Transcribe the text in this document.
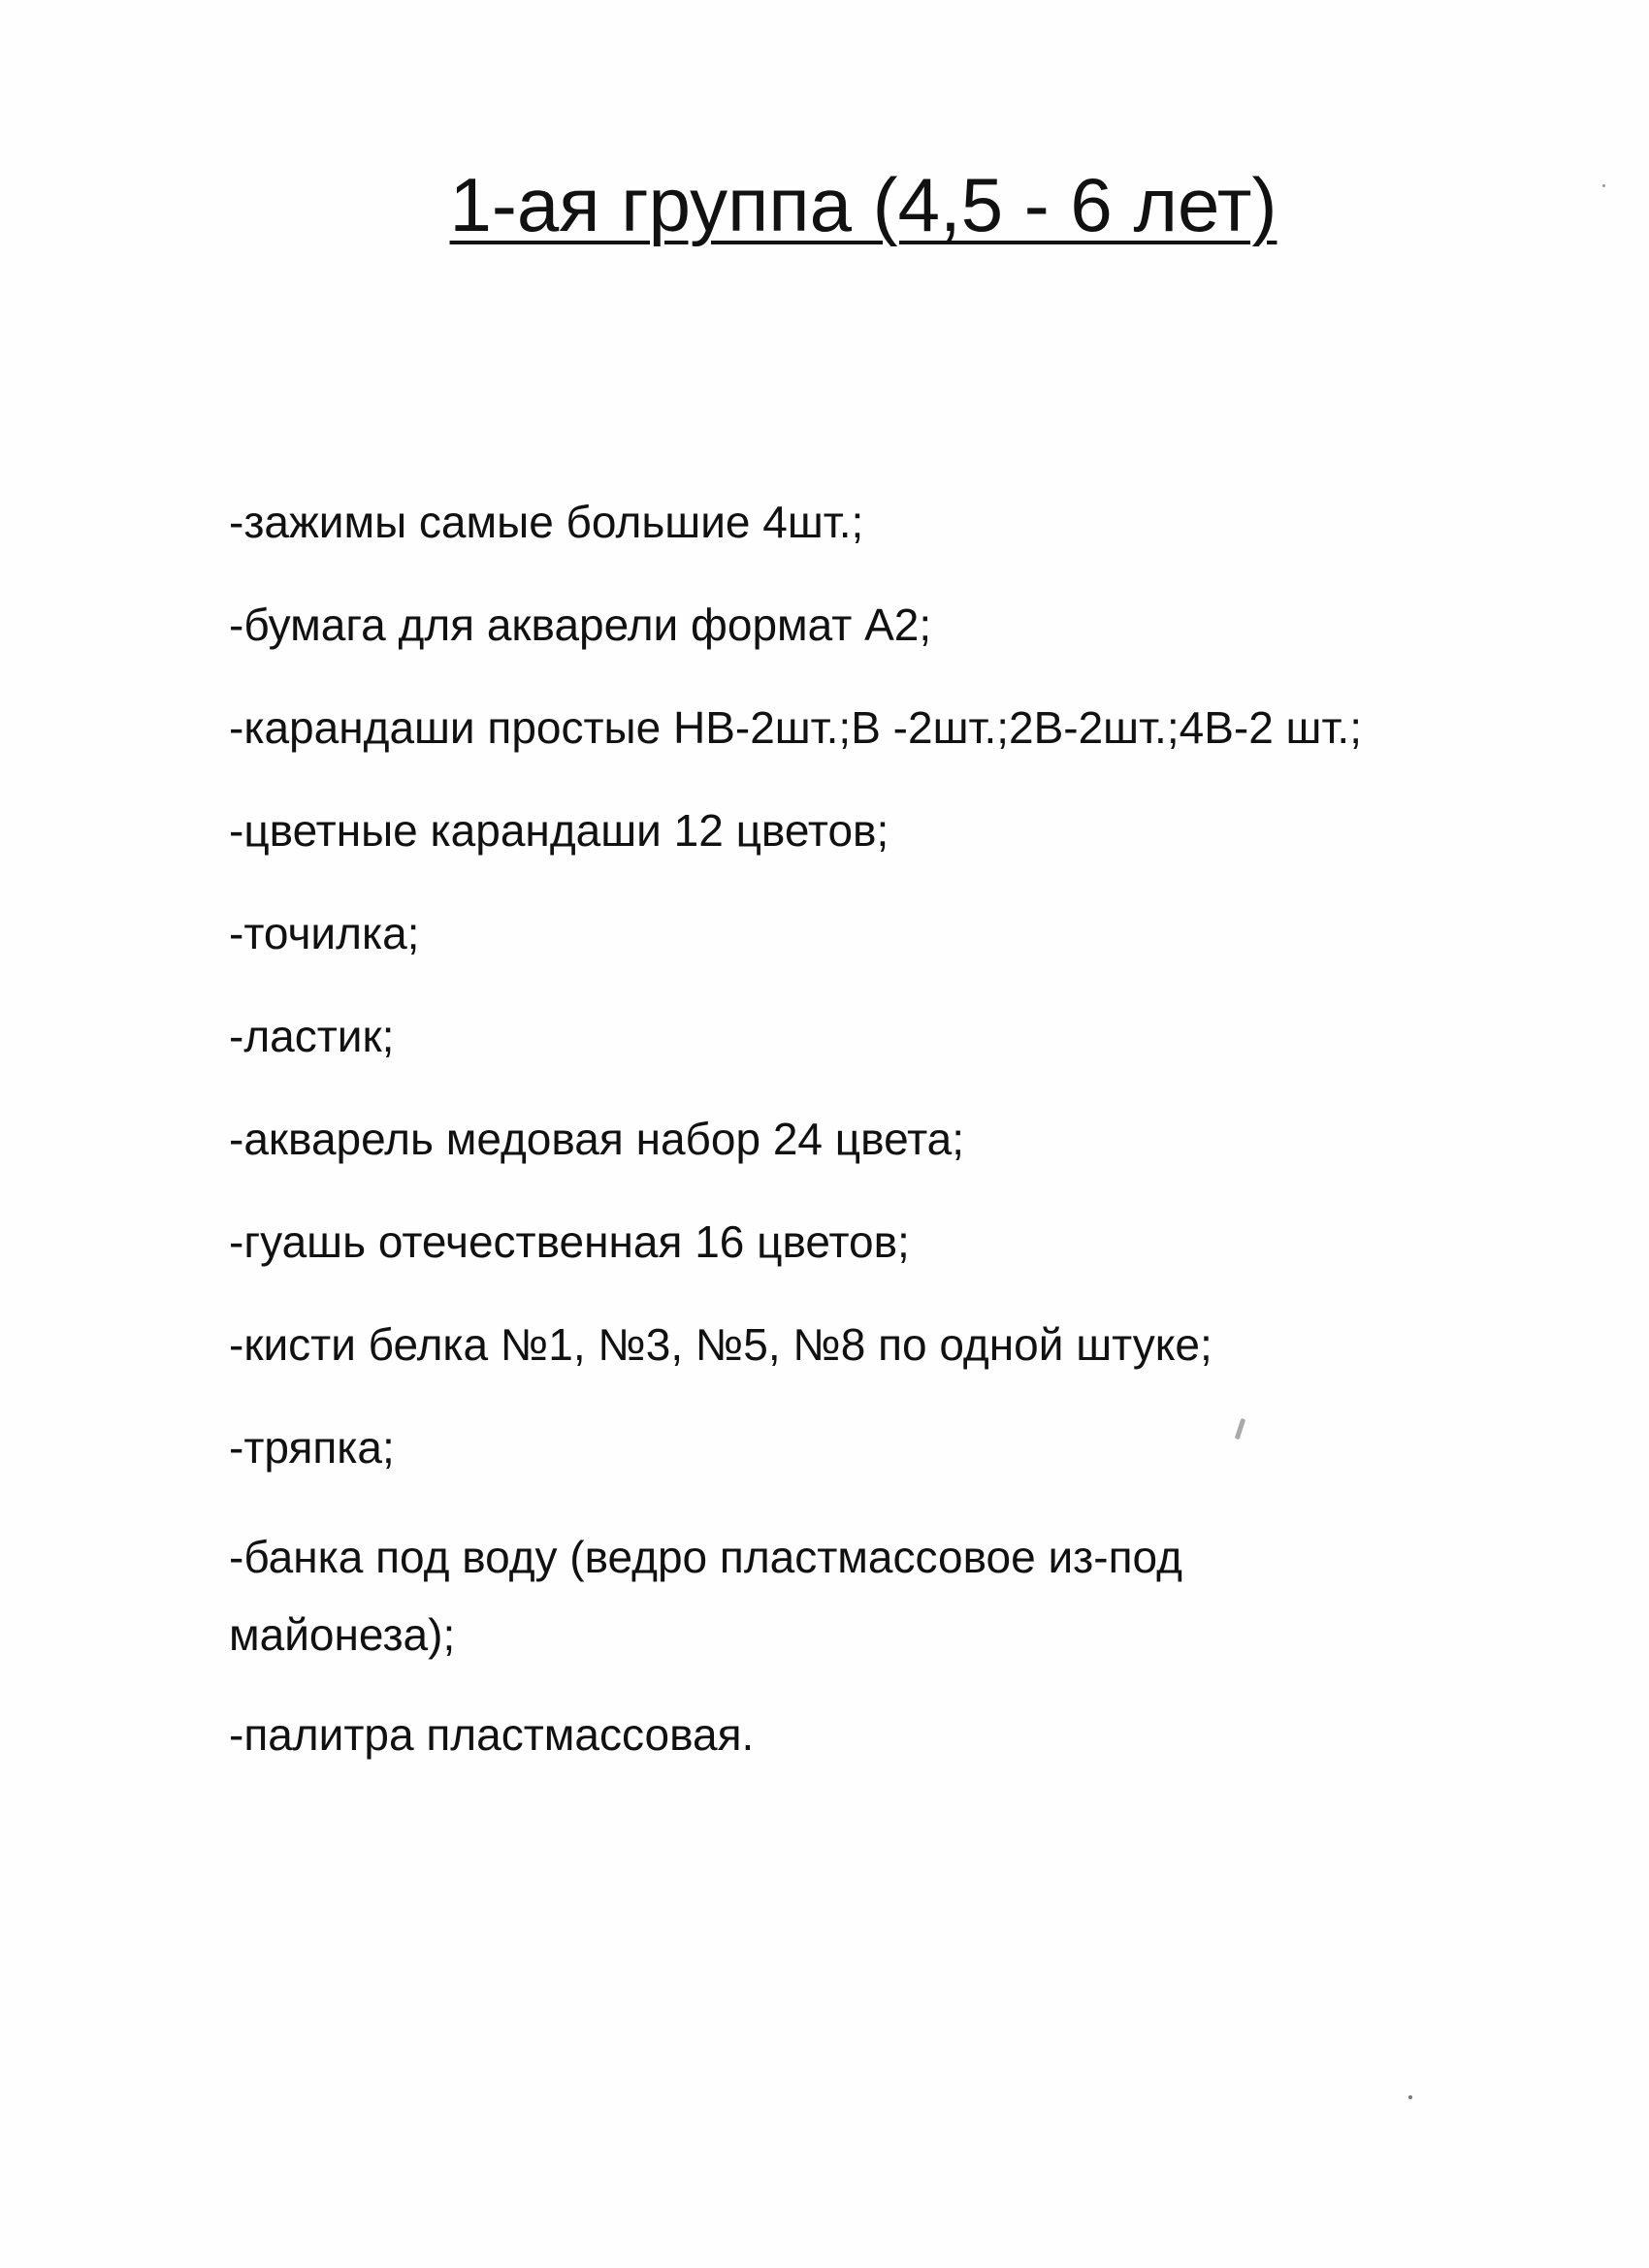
1-ая группа (4,5 - 6 лет)
-зажимы самые большие 4шт.;
-бумага для акварели формат А2;
-карандаши простые НВ-2шт.;В -2шт.;2В-2шт.;4В-2 шт.;
-цветные карандаши 12 цветов;
-точилка;
-ластик;
-акварель медовая набор 24 цвета;
-гуашь отечественная 16 цветов;
-кисти белка №1, №3, №5, №8 по одной штуке;
-тряпка;
-банка под воду (ведро пластмассовое из-под майонеза);
-палитра пластмассовая.
